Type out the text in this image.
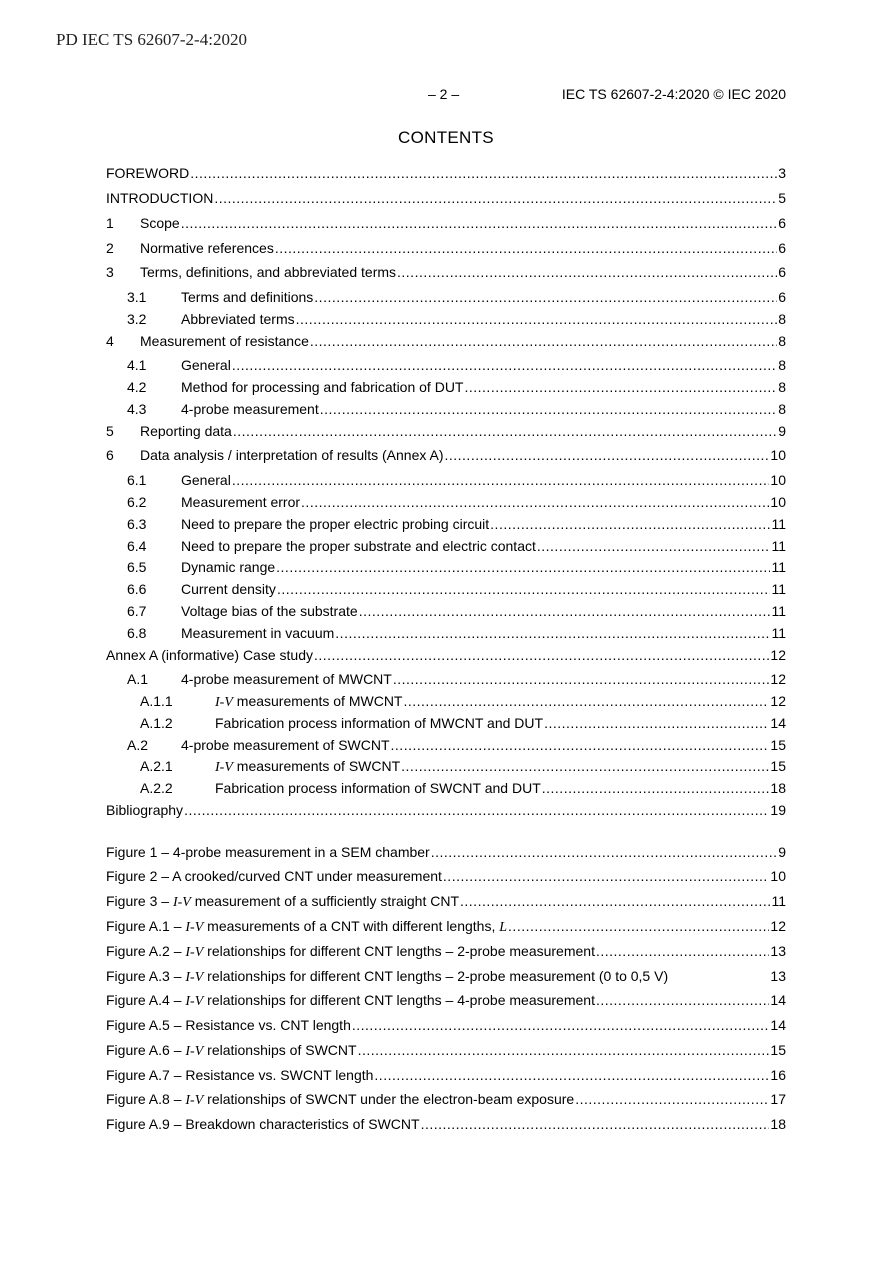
PD IEC TS 62607-2-4:2020
– 2 –	IEC TS 62607-2-4:2020 © IEC 2020
CONTENTS
FOREWORD .....	3
INTRODUCTION .....	5
1	Scope .....	6
2	Normative references .....	6
3	Terms, definitions, and abbreviated terms .....	6
3.1	Terms and definitions .....	6
3.2	Abbreviated terms .....	8
4	Measurement of resistance .....	8
4.1	General .....	8
4.2	Method for processing and fabrication of DUT .....	8
4.3	4-probe measurement .....	8
5	Reporting data .....	9
6	Data analysis / interpretation of results (Annex A) .....	10
6.1	General .....	10
6.2	Measurement error .....	10
6.3	Need to prepare the proper electric probing circuit .....	11
6.4	Need to prepare the proper substrate and electric contact .....	11
6.5	Dynamic range .....	11
6.6	Current density .....	11
6.7	Voltage bias of the substrate .....	11
6.8	Measurement in vacuum .....	11
Annex A (informative) Case study .....	12
A.1	4-probe measurement of MWCNT .....	12
A.1.1	I-V measurements of MWCNT .....	12
A.1.2	Fabrication process information of MWCNT and DUT .....	14
A.2	4-probe measurement of SWCNT .....	15
A.2.1	I-V measurements of SWCNT .....	15
A.2.2	Fabrication process information of SWCNT and DUT .....	18
Bibliography .....	19
Figure 1 – 4-probe measurement in a SEM chamber .....	9
Figure 2 – A crooked/curved CNT under measurement .....	10
Figure 3 – I-V measurement of a sufficiently straight CNT .....	11
Figure A.1 – I-V measurements of a CNT with different lengths, L .....	12
Figure A.2 – I-V relationships for different CNT lengths – 2-probe measurement .....	13
Figure A.3 – I-V relationships for different CNT lengths – 2-probe measurement (0 to 0,5 V)	13
Figure A.4 – I-V relationships for different CNT lengths – 4-probe measurement .....	14
Figure A.5 – Resistance vs. CNT length .....	14
Figure A.6 – I-V relationships of SWCNT .....	15
Figure A.7 – Resistance vs. SWCNT length .....	16
Figure A.8 – I-V relationships of SWCNT under the electron-beam exposure .....	17
Figure A.9 – Breakdown characteristics of SWCNT .....	18
